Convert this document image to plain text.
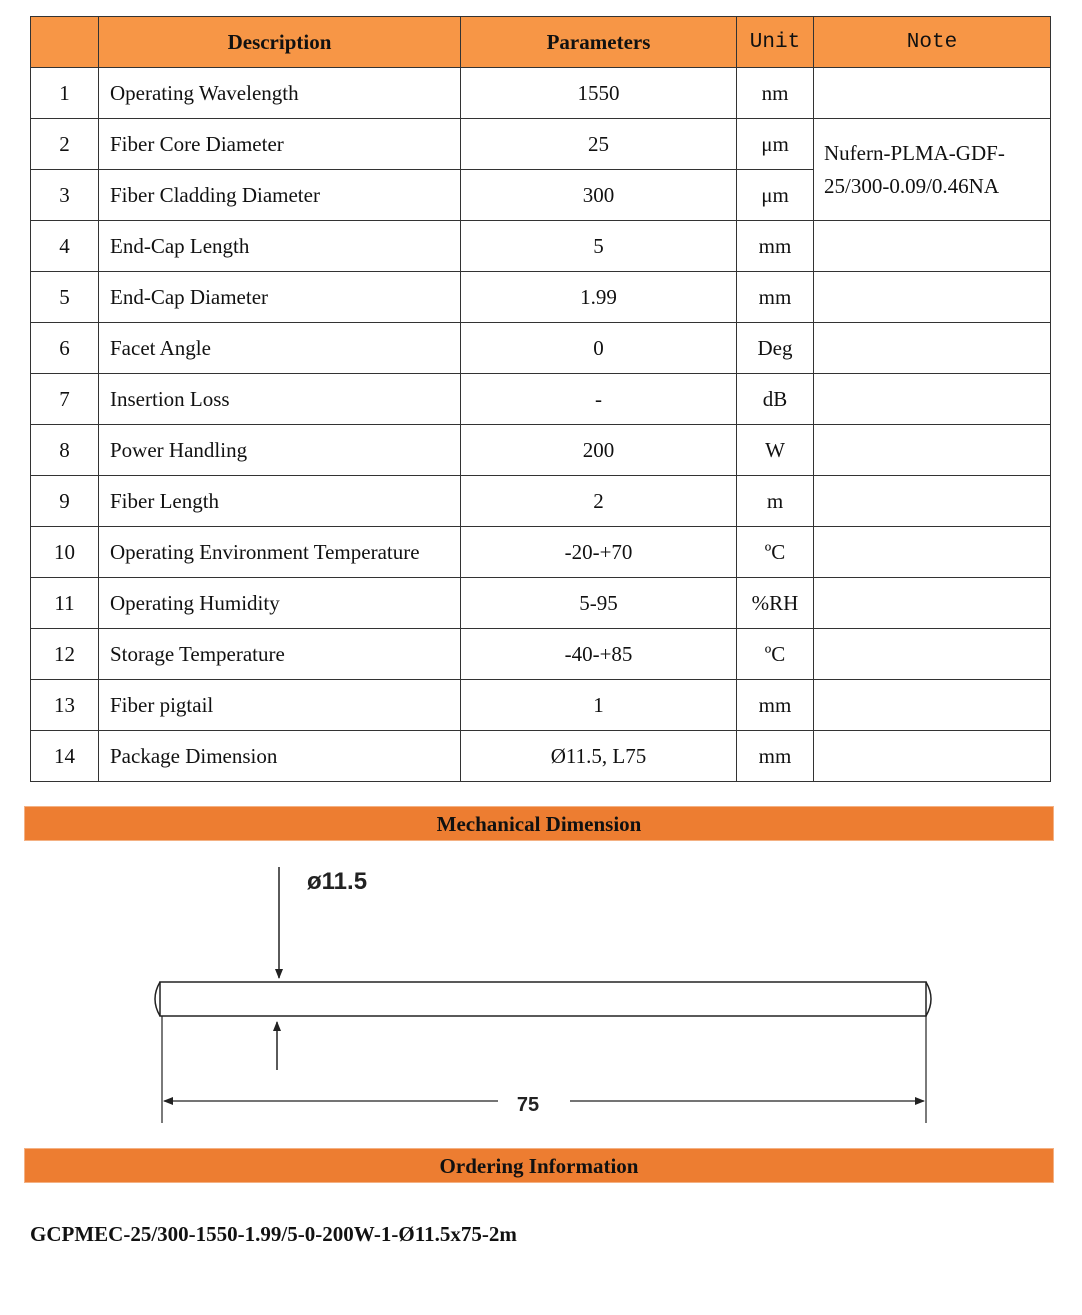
	Description	Parameters	Unit	Note
1	Operating Wavelength	1550	nm	
2	Fiber Core Diameter	25	μm	Nufern-PLMA-GDF-25/300-0.09/0.46NA
3	Fiber Cladding Diameter	300	μm	
4	End-Cap Length	5	mm	
5	End-Cap Diameter	1.99	mm	
6	Facet Angle	0	Deg	
7	Insertion Loss	-	dB	
8	Power Handling	200	W	
9	Fiber Length	2	m	
10	Operating Environment Temperature	-20-+70	ºC	
11	Operating Humidity	5-95	%RH	
12	Storage Temperature	-40-+85	ºC	
13	Fiber pigtail	1	mm	
14	Package Dimension	Ø11.5, L75	mm	
Mechanical Dimension
ø11.5
75
Ordering Information
GCPMEC-25/300-1550-1.99/5-0-200W-1-Ø11.5x75-2m
